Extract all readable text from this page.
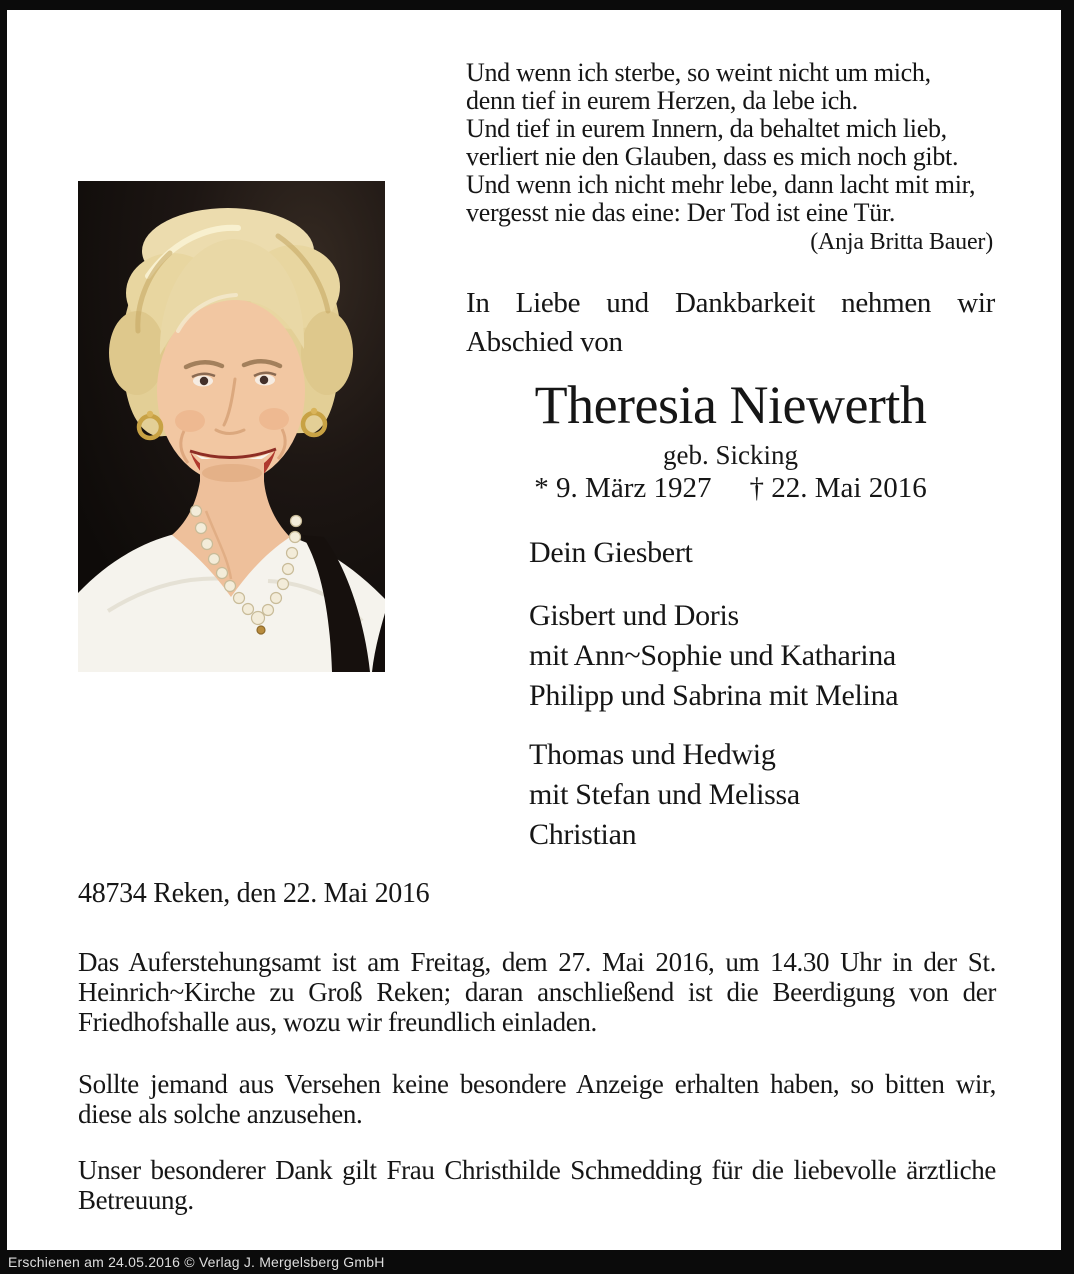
Und wenn ich sterbe, so weint nicht um mich,
denn tief in eurem Herzen, da lebe ich.
Und tief in eurem Innern, da behaltet mich lieb,
verliert nie den Glauben, dass es mich noch gibt.
Und wenn ich nicht mehr lebe, dann lacht mit mir,
vergesst nie das eine: Der Tod ist eine Tür.
(Anja Britta Bauer)
In Liebe und Dankbarkeit nehmen wir Abschied von
Theresia Niewerth
geb. Sicking
* 9. März 1927 † 22. Mai 2016
Dein Giesbert
Gisbert und Doris
mit Ann~Sophie und Katharina
Philipp und Sabrina mit Melina
Thomas und Hedwig
mit Stefan und Melissa
Christian
48734 Reken, den 22. Mai 2016
Das Auferstehungsamt ist am Freitag, dem 27. Mai 2016, um 14.30 Uhr in der St. Heinrich~Kirche zu Groß Reken; daran anschließend ist die Beerdigung von der Friedhofshalle aus, wozu wir freundlich einladen.
Sollte jemand aus Versehen keine besondere Anzeige erhalten haben, so bitten wir, diese als solche anzusehen.
Unser besonderer Dank gilt Frau Christhilde Schmedding für die liebevolle ärztliche Betreuung.
Erschienen am 24.05.2016 © Verlag J. Mergelsberg GmbH
